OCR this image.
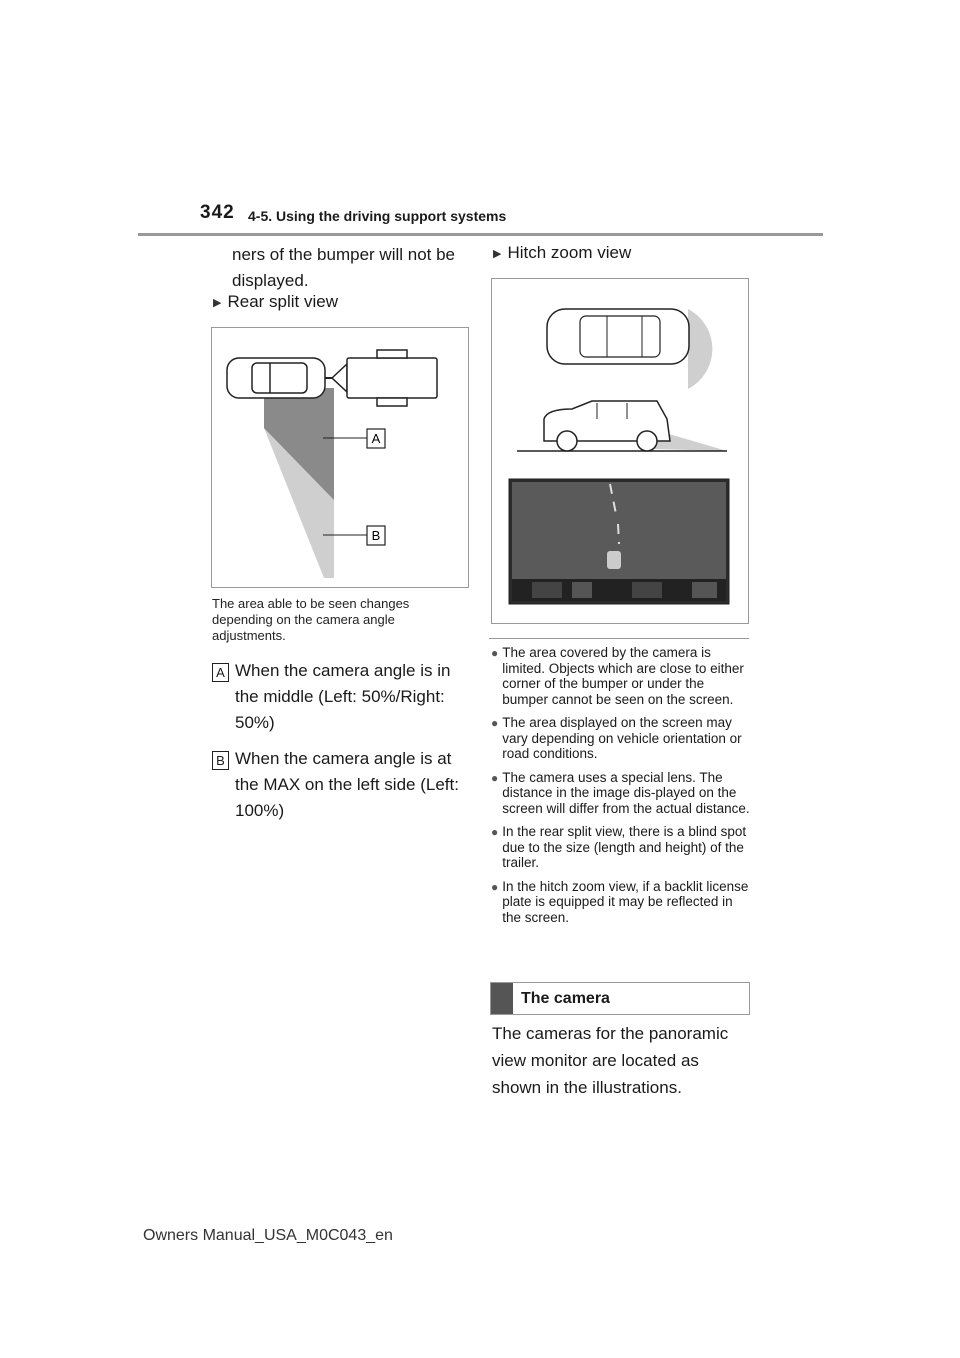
342 4-5. Using the driving support systems
ners of the bumper will not be displayed.
▶ Rear split view
A
B
The area able to be seen changes depending on the camera angle adjustments.
A When the camera angle is in the middle (Left: 50%/Right: 50%)
B When the camera angle is at the MAX on the left side (Left: 100%)
▶ Hitch zoom view
● The area covered by the camera is limited. Objects which are close to either corner of the bumper or under the bumper cannot be seen on the screen.
● The area displayed on the screen may vary depending on vehicle orientation or road conditions.
● The camera uses a special lens. The distance in the image dis-played on the screen will differ from the actual distance.
● In the rear split view, there is a blind spot due to the size (length and height) of the trailer.
● In the hitch zoom view, if a backlit license plate is equipped it may be reflected in the screen.
The camera
The cameras for the panoramic view monitor are located as shown in the illustrations.
Owners Manual_USA_M0C043_en
